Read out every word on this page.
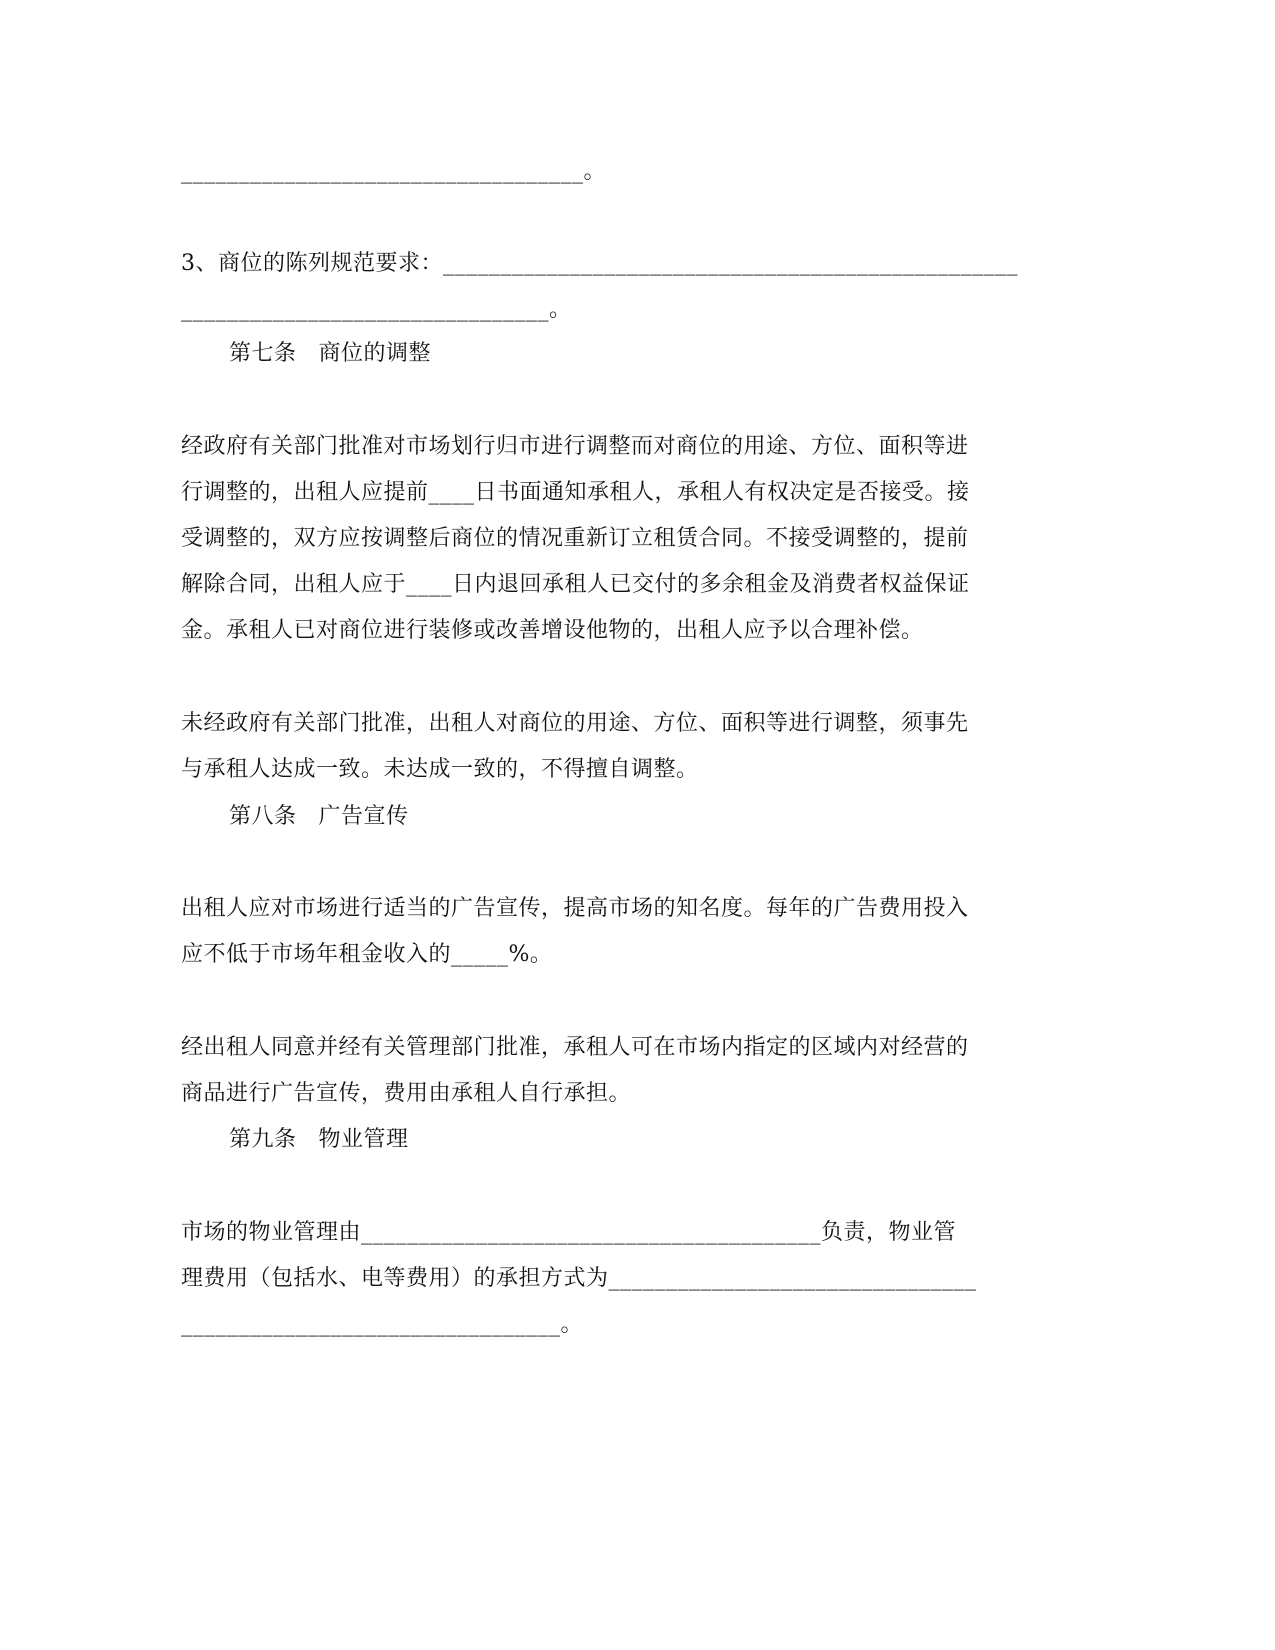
___________________________________。
3、商位的陈列规范要求：__________________________________________________
________________________________。
第七条 商位的调整
经政府有关部门批准对市场划行归市进行调整而对商位的用途、方位、面积等进
行调整的，出租人应提前____日书面通知承租人，承租人有权决定是否接受。接
受调整的，双方应按调整后商位的情况重新订立租赁合同。不接受调整的，提前
解除合同，出租人应于____日内退回承租人已交付的多余租金及消费者权益保证
金。承租人已对商位进行装修或改善增设他物的，出租人应予以合理补偿。
未经政府有关部门批准，出租人对商位的用途、方位、面积等进行调整，须事先
与承租人达成一致。未达成一致的，不得擅自调整。
第八条 广告宣传
出租人应对市场进行适当的广告宣传，提高市场的知名度。每年的广告费用投入
应不低于市场年租金收入的_____%。
经出租人同意并经有关管理部门批准，承租人可在市场内指定的区域内对经营的
商品进行广告宣传，费用由承租人自行承担。
第九条 物业管理
市场的物业管理由________________________________________负责，物业管
理费用（包括水、电等费用）的承担方式为________________________________
_________________________________。
